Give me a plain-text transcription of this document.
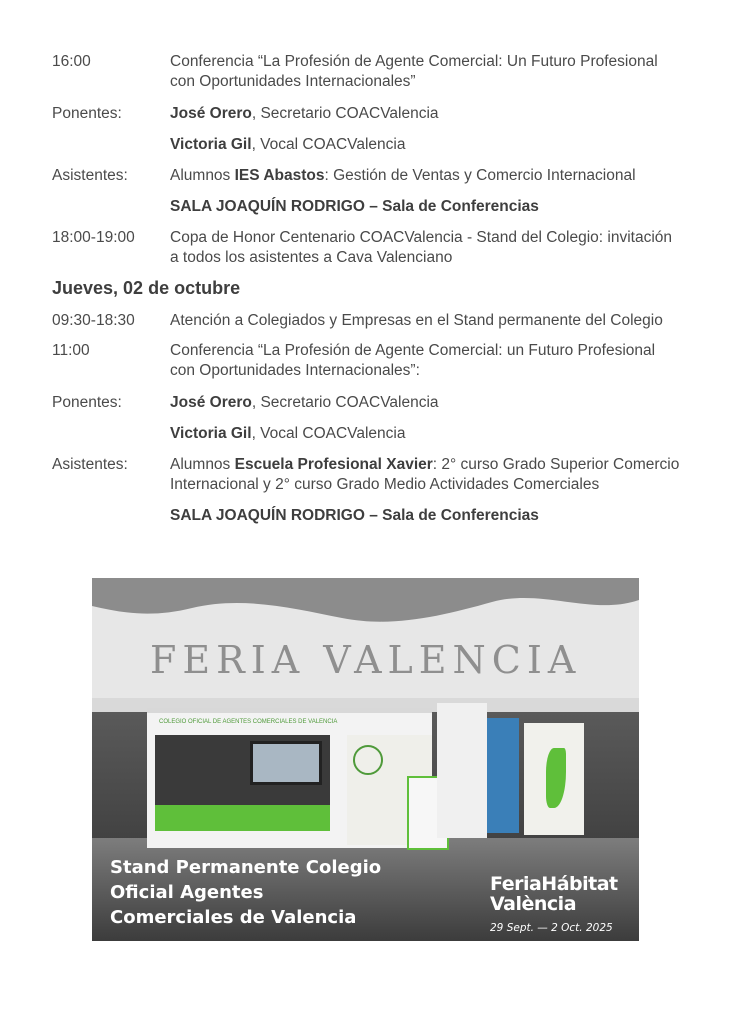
16:00	Conferencia “La Profesión de Agente Comercial: Un Futuro Profesional con Oportunidades Internacionales”
Ponentes:	José Orero, Secretario COACValencia
Victoria Gil, Vocal COACValencia
Asistentes:	Alumnos IES Abastos: Gestión de Ventas y Comercio Internacional
SALA JOAQUÍN RODRIGO – Sala de Conferencias
18:00-19:00	Copa de Honor Centenario COACValencia - Stand del Colegio: invitación a todos los asistentes a Cava Valenciano
Jueves, 02 de octubre
09:30-18:30	Atención a Colegiados y Empresas en el Stand permanente del Colegio
11:00	Conferencia “La Profesión de Agente Comercial: un Futuro Profesional con Oportunidades Internacionales”:
Ponentes:	José Orero, Secretario COACValencia
Victoria Gil, Vocal COACValencia
Asistentes:	Alumnos Escuela Profesional Xavier: 2° curso Grado Superior Comercio Internacional y 2° curso Grado Medio Actividades Comerciales
SALA JOAQUÍN RODRIGO – Sala de Conferencias
FERIA VALENCIA
COLEGIO OFICIAL DE AGENTES COMERCIALES DE VALENCIA
Stand Permanente Colegio
Oficial Agentes
Comerciales de Valencia
FeriaHábitat
València
29 Sept. — 2 Oct. 2025
